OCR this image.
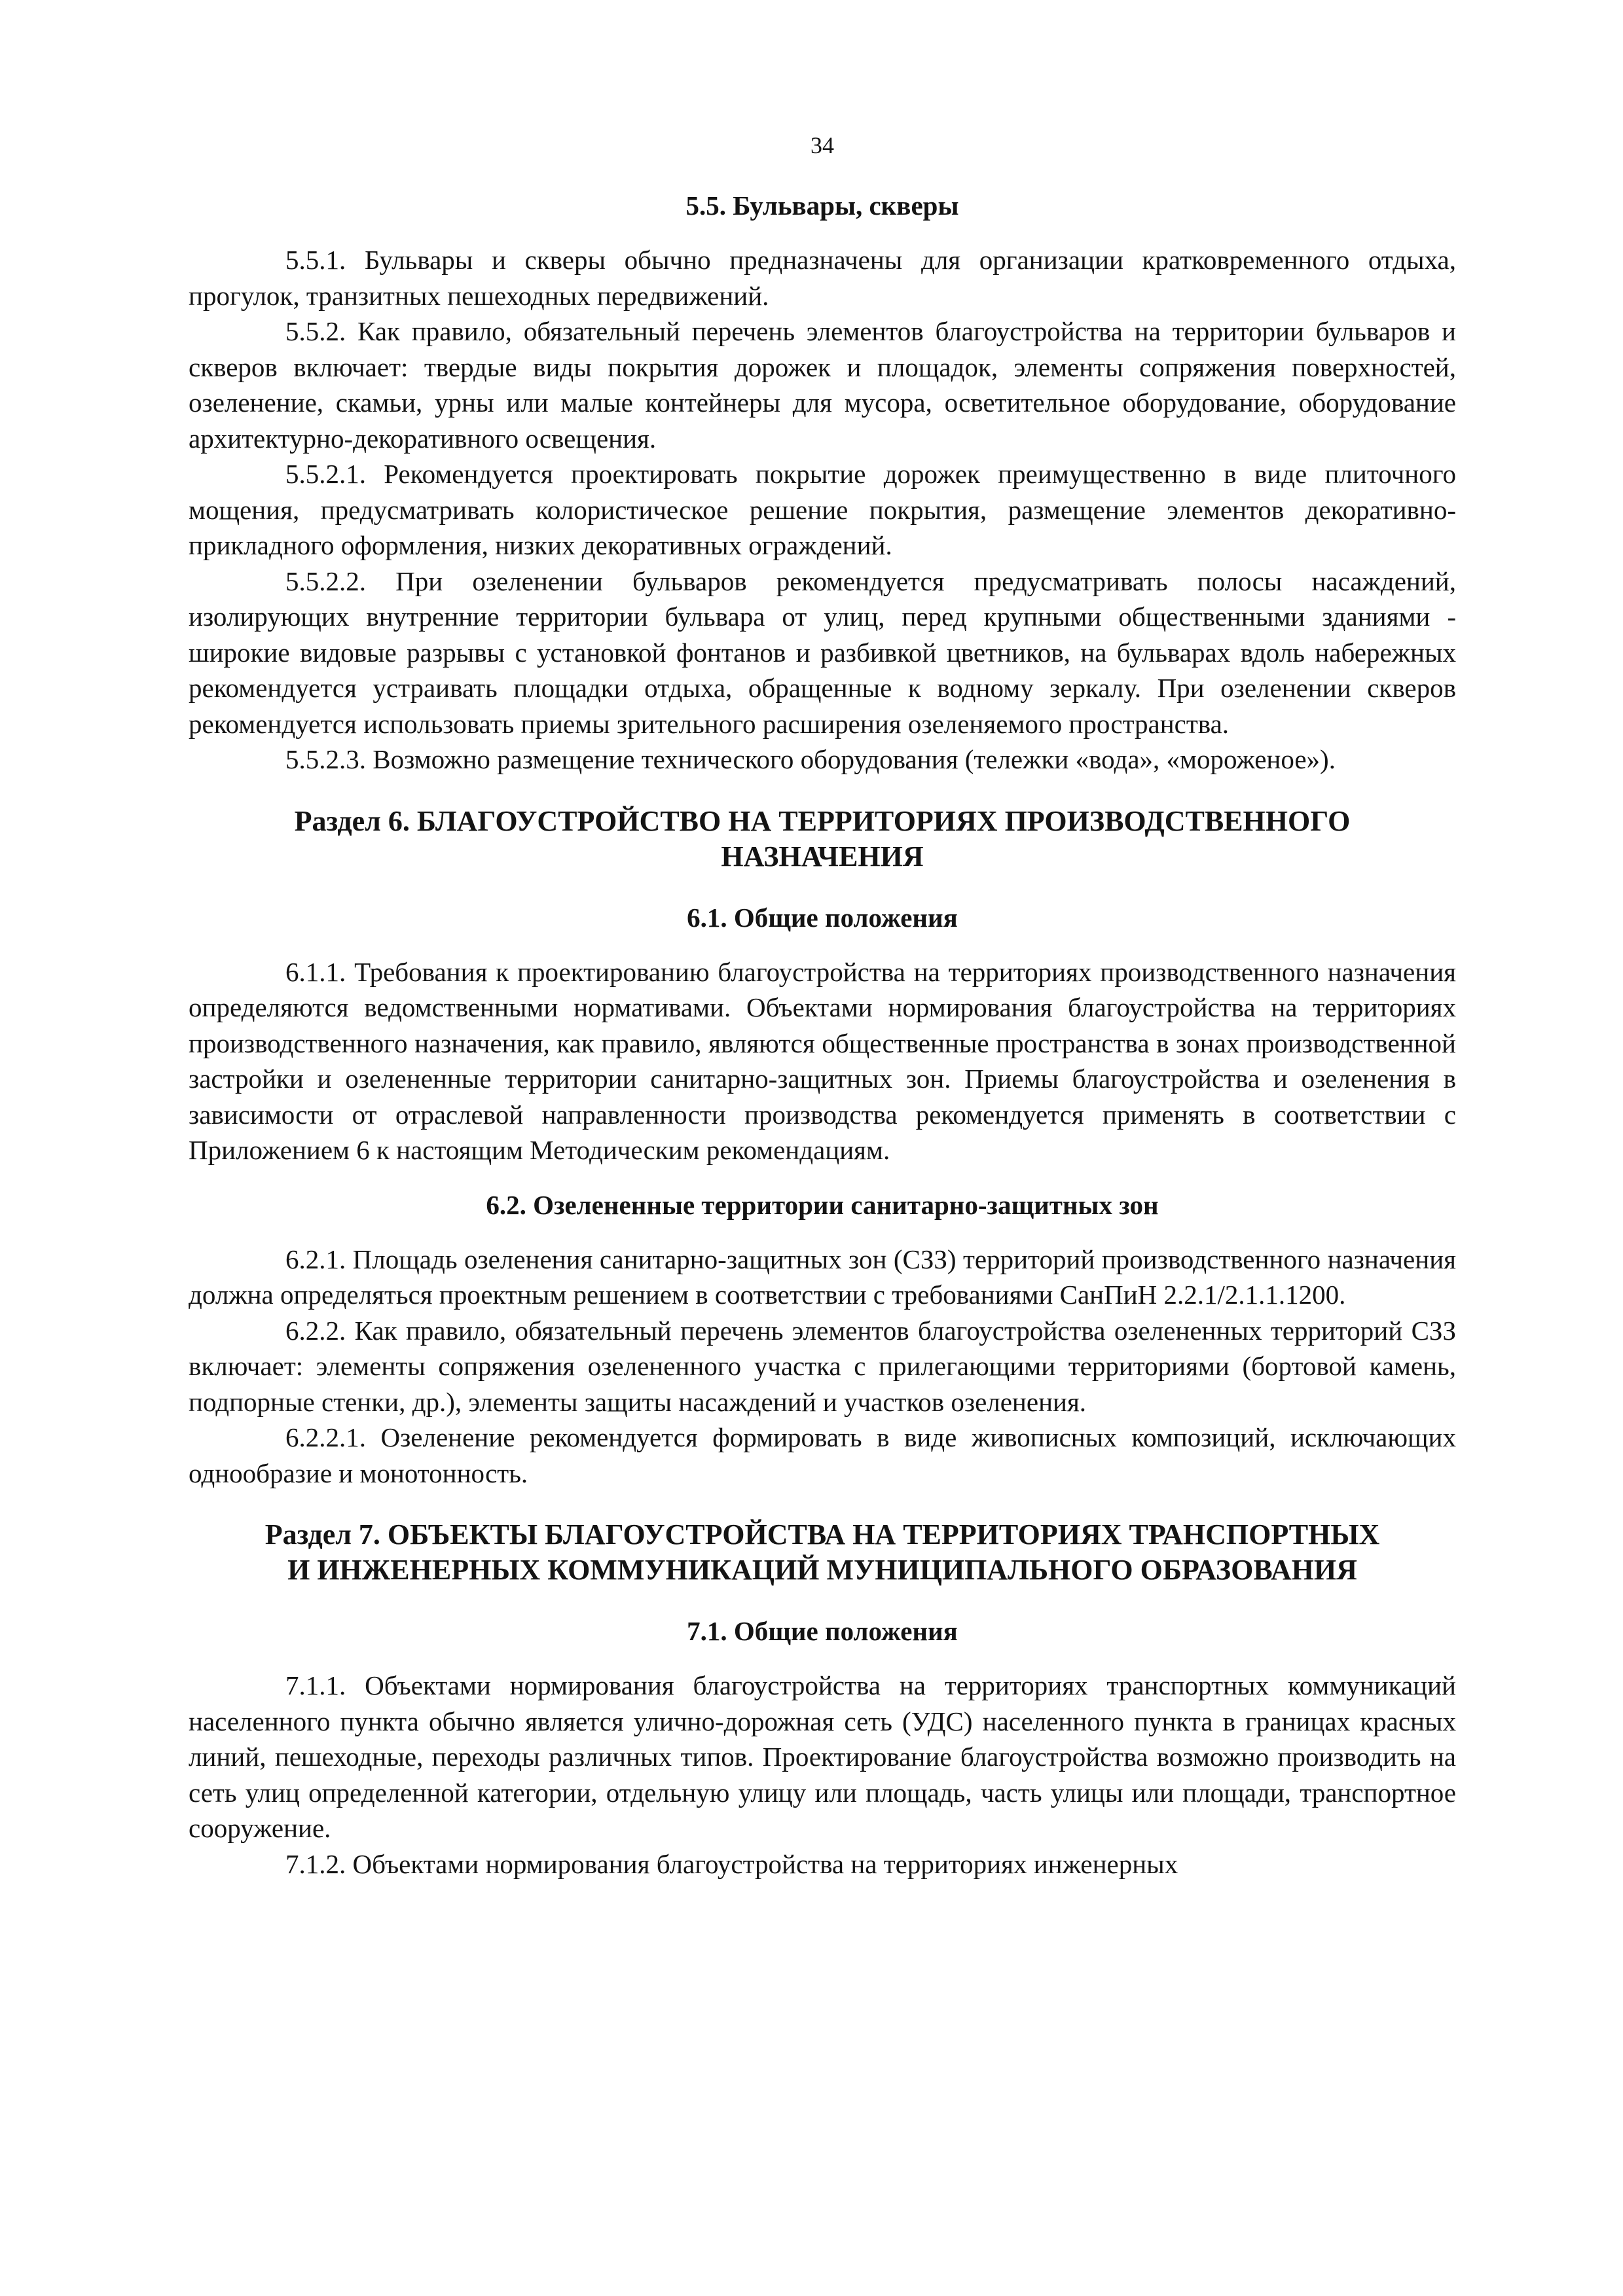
34
5.5. Бульвары, скверы

5.5.1. Бульвары и скверы обычно предназначены для организации кратковременного отдыха, прогулок, транзитных пешеходных передвижений.

5.5.2. Как правило, обязательный перечень элементов благоустройства на территории бульваров и скверов включает: твердые виды покрытия дорожек и площадок, элементы сопряжения поверхностей, озеленение, скамьи, урны или малые контейнеры для мусора, осветительное оборудование, оборудование архитектурно-декоративного освещения.

5.5.2.1. Рекомендуется проектировать покрытие дорожек преимущественно в виде плиточного мощения, предусматривать колористическое решение покрытия, размещение элементов декоративно-прикладного оформления, низких декоративных ограждений.

5.5.2.2. При озеленении бульваров рекомендуется предусматривать полосы насаждений, изолирующих внутренние территории бульвара от улиц, перед крупными общественными зданиями - широкие видовые разрывы с установкой фонтанов и разбивкой цветников, на бульварах вдоль набережных рекомендуется устраивать площадки отдыха, обращенные к водному зеркалу. При озеленении скверов рекомендуется использовать приемы зрительного расширения озеленяемого пространства.

5.5.2.3. Возможно размещение технического оборудования (тележки «вода», «мороженое»).

Раздел 6. БЛАГОУСТРОЙСТВО НА ТЕРРИТОРИЯХ ПРОИЗВОДСТВЕННОГО
НАЗНАЧЕНИЯ
6.1. Общие положения

6.1.1. Требования к проектированию благоустройства на территориях производственного назначения определяются ведомственными нормативами. Объектами нормирования благоустройства на территориях производственного назначения, как правило, являются общественные пространства в зонах производственной застройки и озелененные территории санитарно-защитных зон. Приемы благоустройства и озеленения в зависимости от отраслевой направленности производства рекомендуется применять в соответствии с Приложением 6 к настоящим Методическим рекомендациям.

6.2. Озелененные территории санитарно-защитных зон

6.2.1. Площадь озеленения санитарно-защитных зон (СЗЗ) территорий производственного назначения должна определяться проектным решением в соответствии с требованиями СанПиН 2.2.1/2.1.1.1200.

6.2.2. Как правило, обязательный перечень элементов благоустройства озелененных территорий СЗЗ включает: элементы сопряжения озелененного участка с прилегающими территориями (бортовой камень, подпорные стенки, др.), элементы защиты насаждений и участков озеленения.

6.2.2.1. Озеленение рекомендуется формировать в виде живописных композиций, исключающих однообразие и монотонность.

Раздел 7. ОБЪЕКТЫ БЛАГОУСТРОЙСТВА НА ТЕРРИТОРИЯХ ТРАНСПОРТНЫХ
И ИНЖЕНЕРНЫХ КОММУНИКАЦИЙ МУНИЦИПАЛЬНОГО ОБРАЗОВАНИЯ
7.1. Общие положения

7.1.1. Объектами нормирования благоустройства на территориях транспортных коммуникаций населенного пункта обычно является улично-дорожная сеть (УДС) населенного пункта в границах красных линий, пешеходные, переходы различных типов. Проектирование благоустройства возможно производить на сеть улиц определенной категории, отдельную улицу или площадь, часть улицы или площади, транспортное сооружение.

7.1.2. Объектами нормирования благоустройства на территориях инженерных
